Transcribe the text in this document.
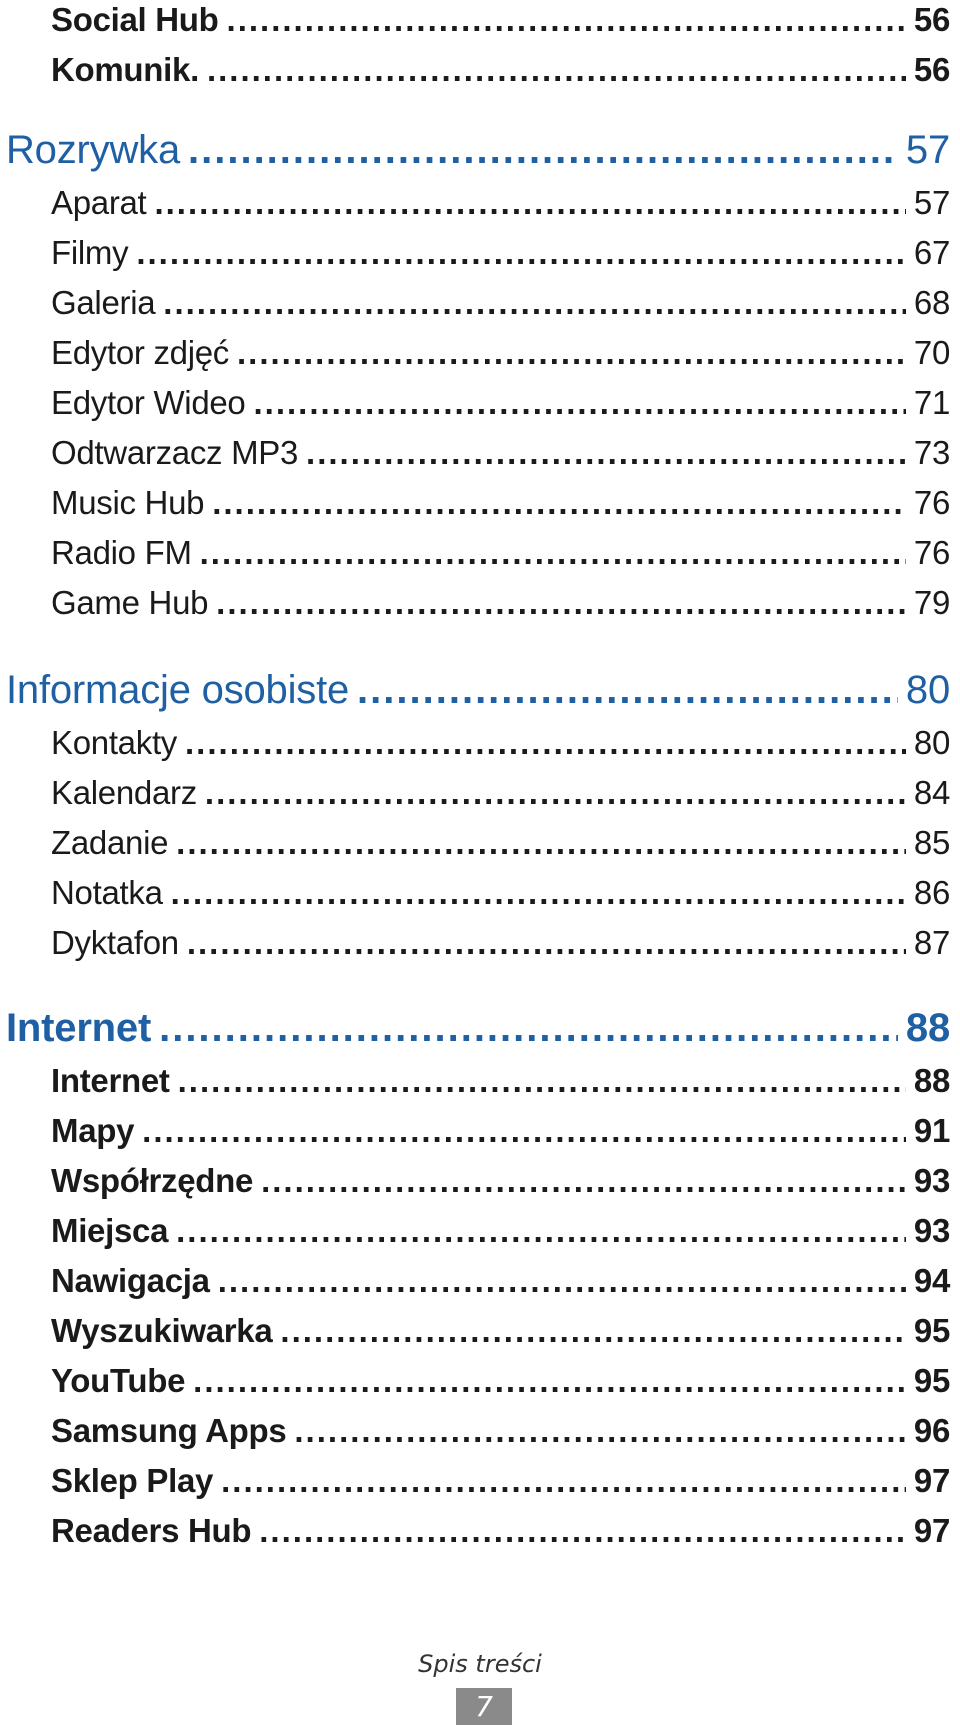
Social Hub .....	56
Komunik. .....	56
Rozrywka .....	57
Aparat .....	57
Filmy .....	67
Galeria .....	68
Edytor zdjęć .....	70
Edytor Wideo .....	71
Odtwarzacz MP3 .....	73
Music Hub .....	76
Radio FM .....	76
Game Hub .....	79
Informacje osobiste .....	80
Kontakty .....	80
Kalendarz .....	84
Zadanie .....	85
Notatka .....	86
Dyktafon .....	87
Internet .....	88
Internet .....	88
Mapy .....	91
Współrzędne .....	93
Miejsca .....	93
Nawigacja .....	94
Wyszukiwarka .....	95
YouTube .....	95
Samsung Apps .....	96
Sklep Play .....	97
Readers Hub .....	97
Spis treści
7
